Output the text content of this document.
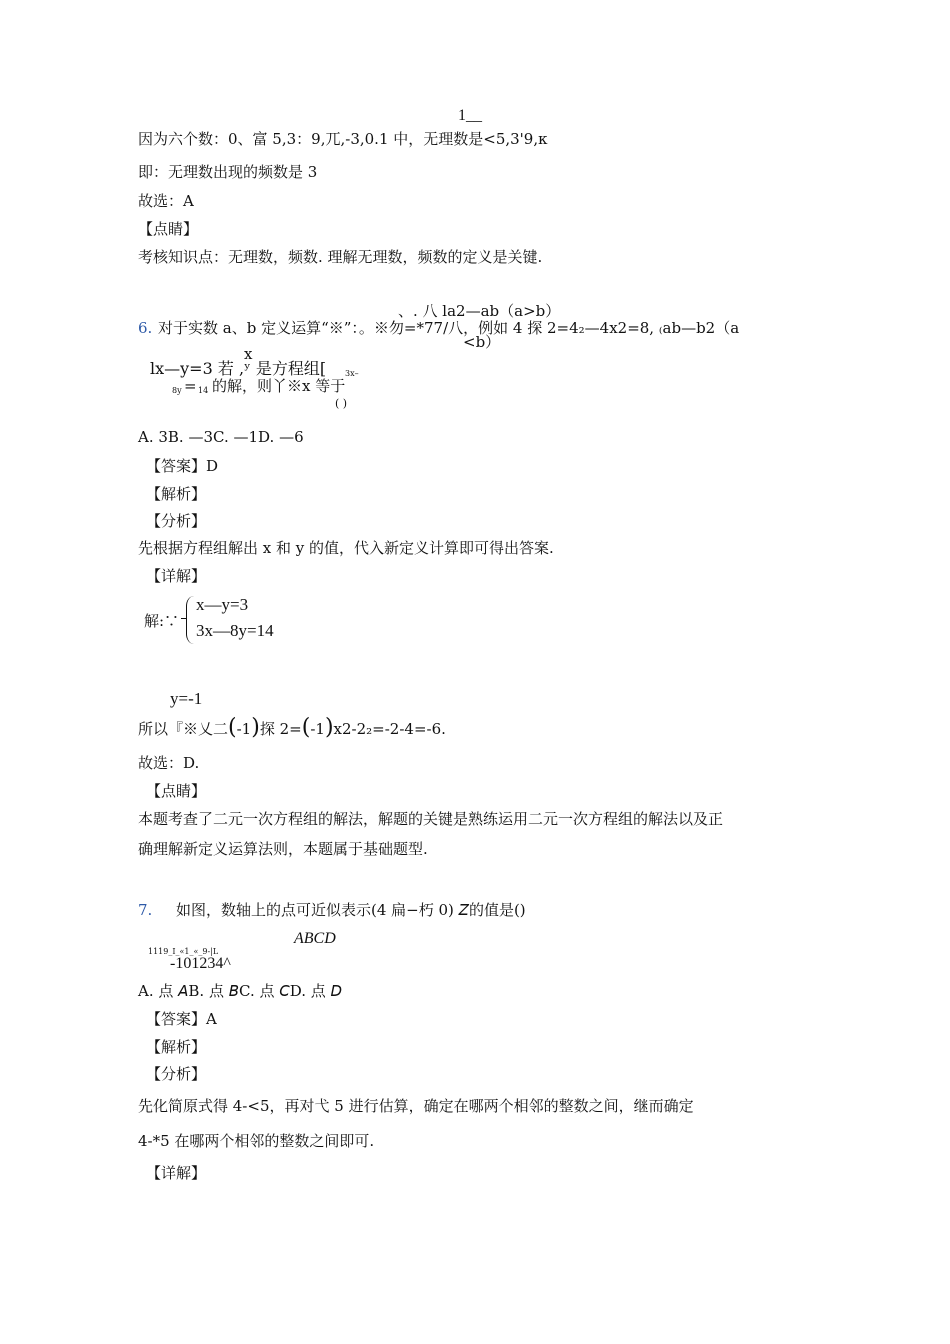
1__
因为六个数：0、富 5,3：9,兀,-3,0.1 中，无理数是<5,3'9,κ
即：无理数出现的频数是 3
故选：A
【点睛】
考核知识点：无理数，频数. 理解无理数，频数的定义是关键.
、. 八 la2—ab（a>b）
6. 对于实数 a、b 定义运算“※”：。※勿=*77/八，例如 4 探 2=4₂—4x2=8, ₍ab—b2（a
<b）
x
lx—y=3 若 ,ʸ 是方程组[ 3x–
8y = 14 的解，则丫※x 等于
( )
A. 3B. —3C. —1D. —6
【答案】D
【解析】
【分析】
先根据方程组解出 x 和 y 的值，代入新定义计算即可得出答案.
【详解】
解:∵
x—y=3
3x—8y=14
y=-1
所以『※乂二(-1)探 2=(-1)x2-2₂=-2-4=-6.
故选：D.
【点睛】
本题考查了二元一次方程组的解法，解题的关键是熟练运用二元一次方程组的解法以及正
确理解新定义运算法则，本题属于基础题型.
7. 如图，数轴上的点可近似表示(4 扁−朽 0) 𝘡的值是()
ABCD
1119_I_«1_«_9-|L
-101234^
A. 点 𝘈B. 点 𝘉C. 点 𝘊D. 点 𝘋
【答案】A
【解析】
【分析】
先化简原式得 4-<5，再对弋 5 进行估算，确定在哪两个相邻的整数之间，继而确定
4-*5 在哪两个相邻的整数之间即可.
【详解】
